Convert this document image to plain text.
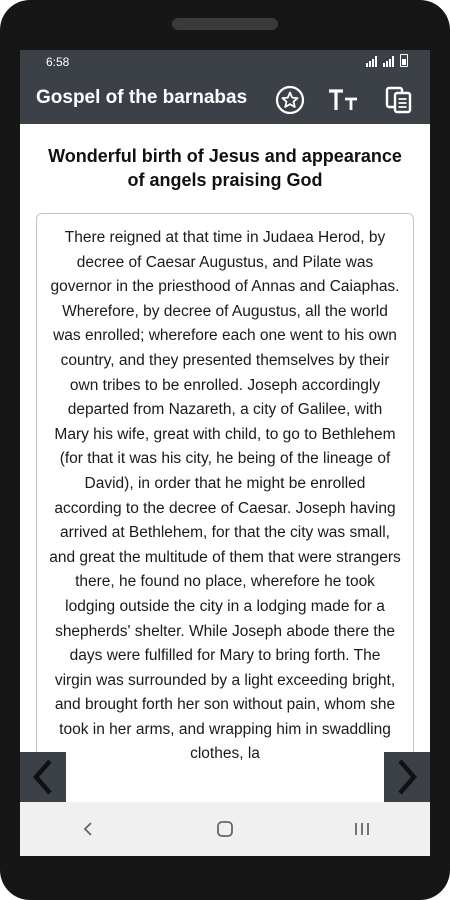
6:58
Gospel of the barnabas
Wonderful birth of Jesus and appearance of angels praising God

There reigned at that time in Judaea Herod, by decree of Caesar Augustus, and Pilate was governor in the priesthood of Annas and Caiaphas. Wherefore, by decree of Augustus, all the world was enrolled; wherefore each one went to his own country, and they presented themselves by their own tribes to be enrolled. Joseph accordingly departed from Nazareth, a city of Galilee, with Mary his wife, great with child, to go to Bethlehem (for that it was his city, he being of the lineage of David), in order that he might be enrolled according to the decree of Caesar. Joseph having arrived at Bethlehem, for that the city was small, and great the multitude of them that were strangers there, he found no place, wherefore he took lodging outside the city in a lodging made for a shepherds' shelter. While Joseph abode there the days were fulfilled for Mary to bring forth. The virgin was surrounded by a light exceeding bright, and brought forth her son without pain, whom she took in her arms, and wrapping him in swaddling clothes, la
